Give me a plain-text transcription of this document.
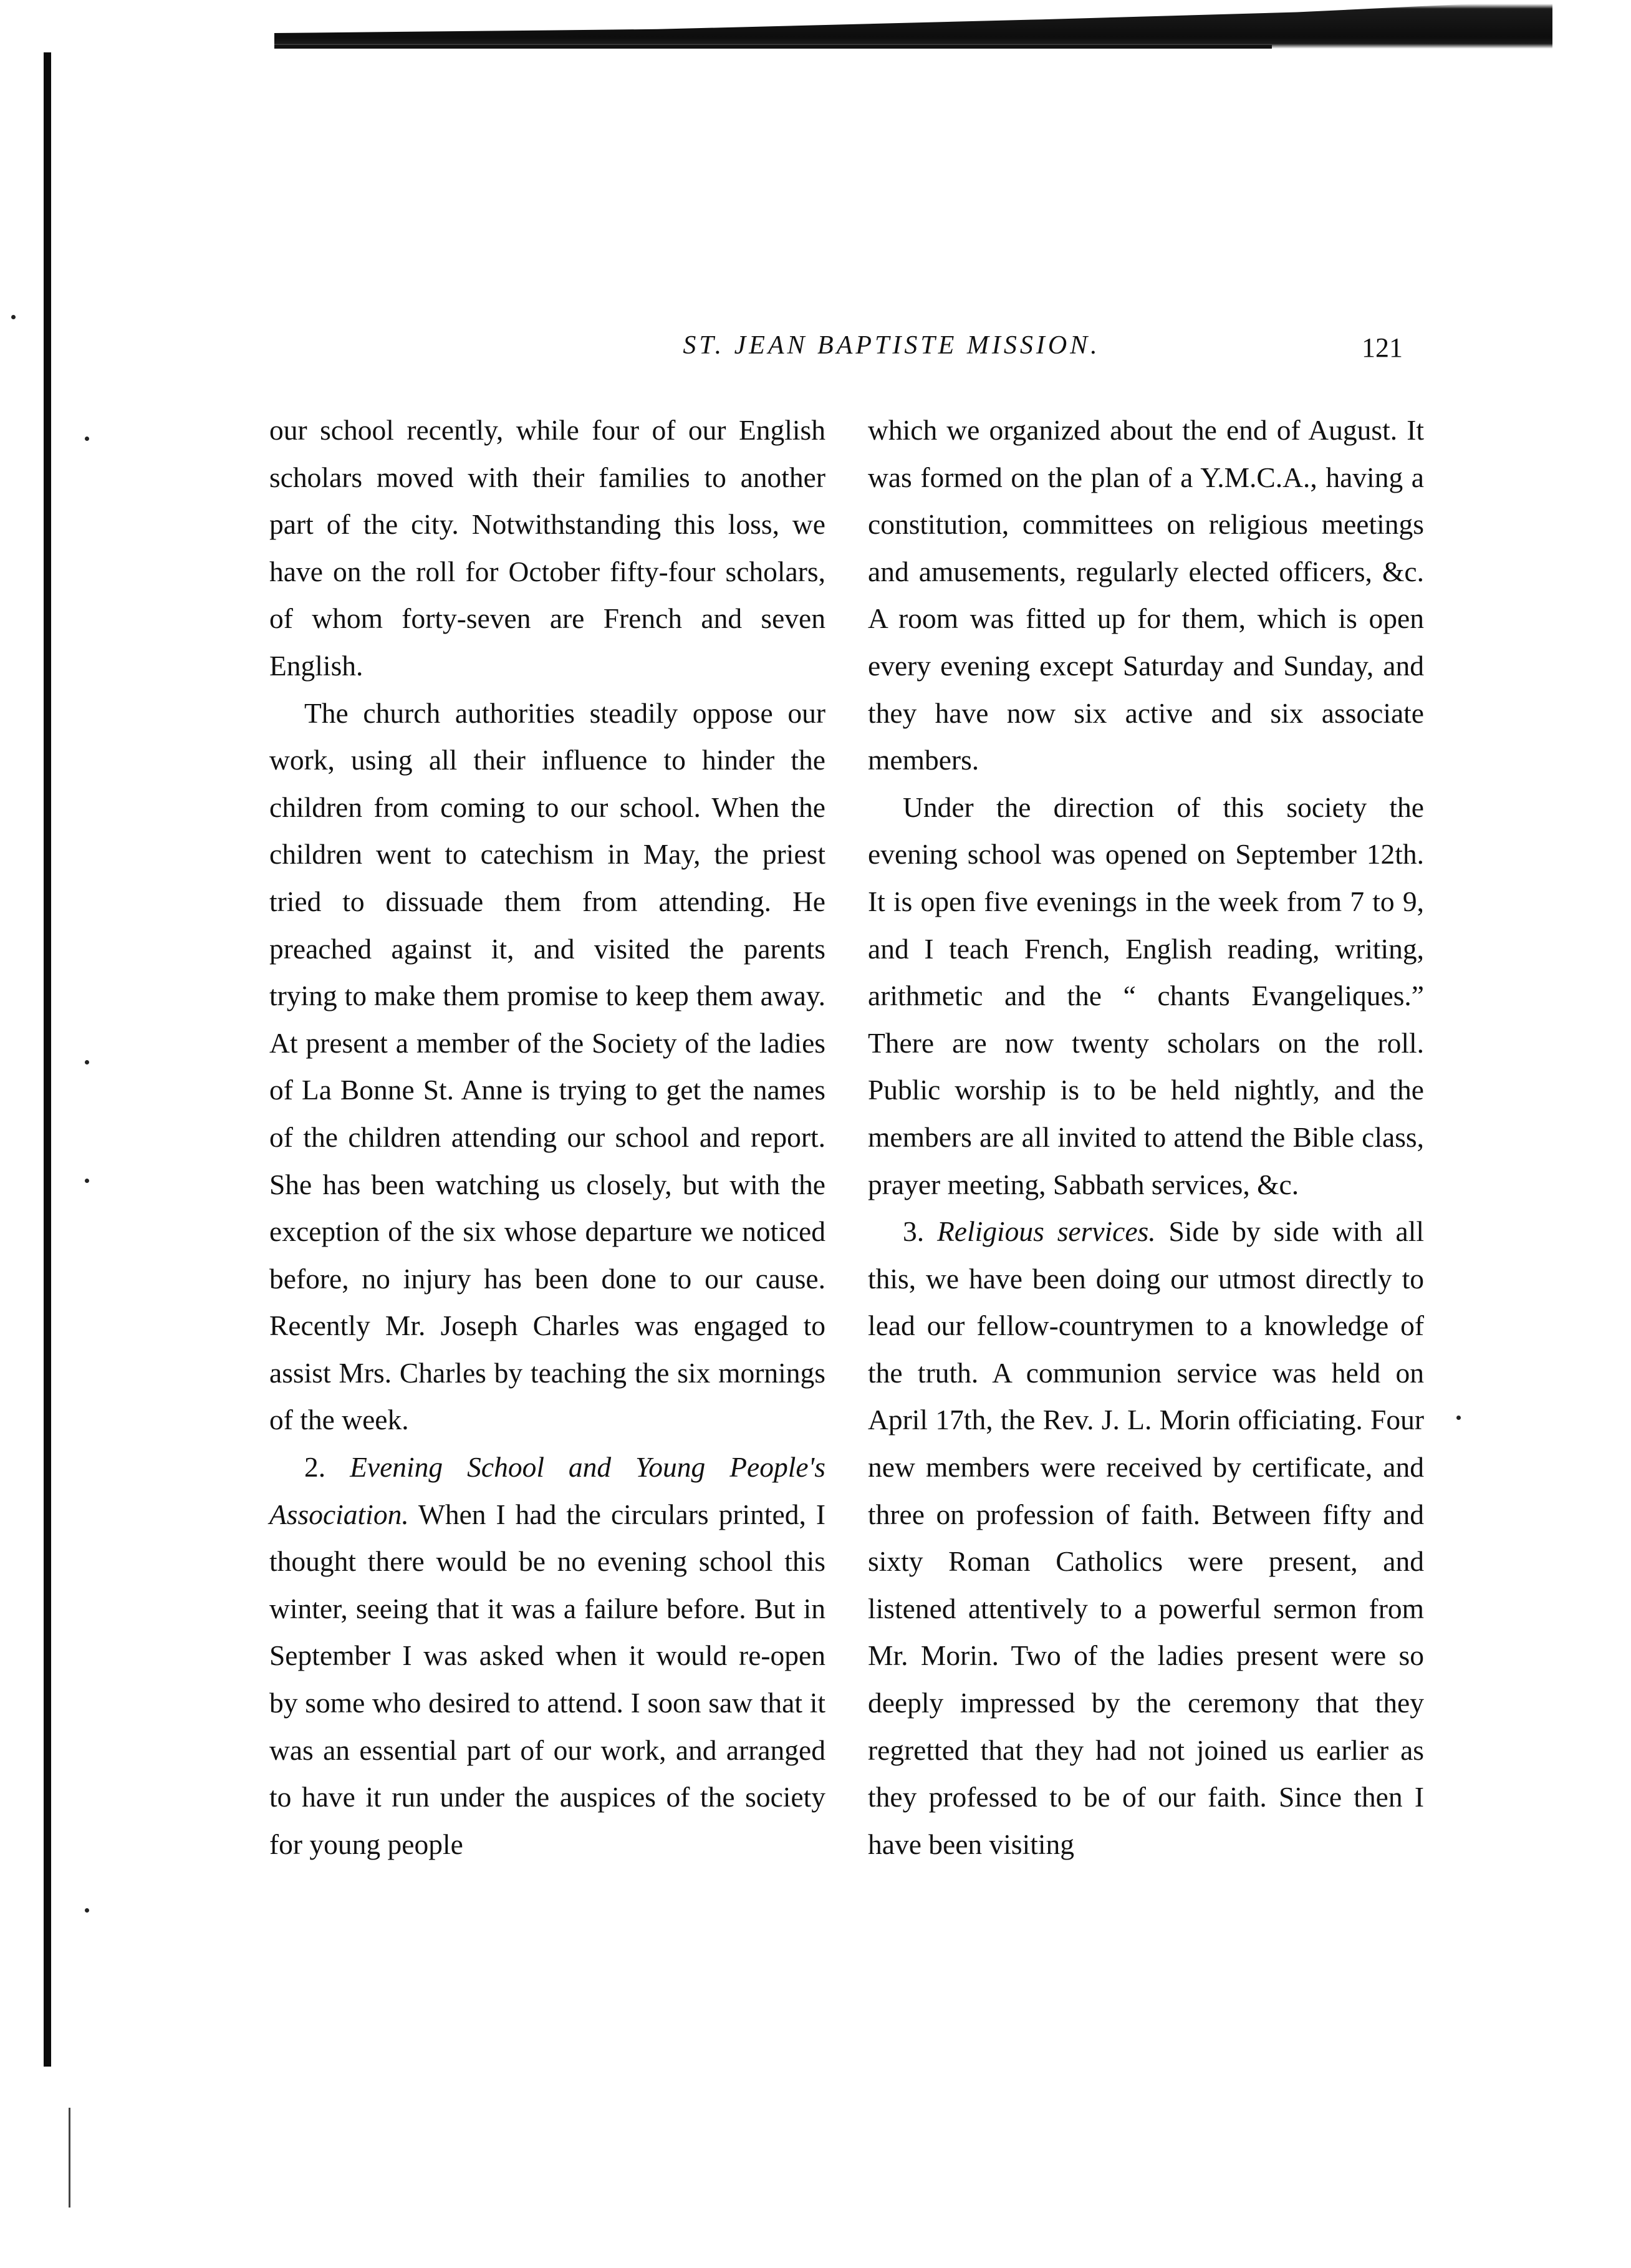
ST. JEAN BAPTISTE MISSION.	121

our school recently, while four of our English scholars moved with their families to another part of the city. Notwithstanding this loss, we have on the roll for October fifty-four scholars, of whom forty-seven are French and seven English.

The church authorities steadily oppose our work, using all their influence to hinder the children from coming to our school. When the children went to catechism in May, the priest tried to dissuade them from attending. He preached against it, and visited the parents trying to make them promise to keep them away. At present a member of the Society of the ladies of La Bonne St. Anne is trying to get the names of the children attending our school and report. She has been watching us closely, but with the exception of the six whose departure we noticed before, no injury has been done to our cause. Recently Mr. Joseph Charles was engaged to assist Mrs. Charles by teaching the six mornings of the week.

2. Evening School and Young People's Association. When I had the circulars printed, I thought there would be no evening school this winter, seeing that it was a failure before. But in September I was asked when it would re-open by some who desired to attend. I soon saw that it was an essential part of our work, and arranged to have it run under the auspices of the society for young people

which we organized about the end of August. It was formed on the plan of a Y.M.C.A., having a constitution, committees on religious meetings and amusements, regularly elected officers, &c. A room was fitted up for them, which is open every evening except Saturday and Sunday, and they have now six active and six associate members.

Under the direction of this society the evening school was opened on September 12th. It is open five evenings in the week from 7 to 9, and I teach French, English reading, writing, arithmetic and the “ chants Evangeliques.” There are now twenty scholars on the roll. Public worship is to be held nightly, and the members are all invited to attend the Bible class, prayer meeting, Sabbath services, &c.

3. Religious services. Side by side with all this, we have been doing our utmost directly to lead our fellow-countrymen to a knowledge of the truth. A communion service was held on April 17th, the Rev. J. L. Morin officiating. Four new members were received by certificate, and three on profession of faith. Between fifty and sixty Roman Catholics were present, and listened attentively to a powerful sermon from Mr. Morin. Two of the ladies present were so deeply impressed by the ceremony that they regretted that they had not joined us earlier as they professed to be of our faith. Since then I have been visiting
